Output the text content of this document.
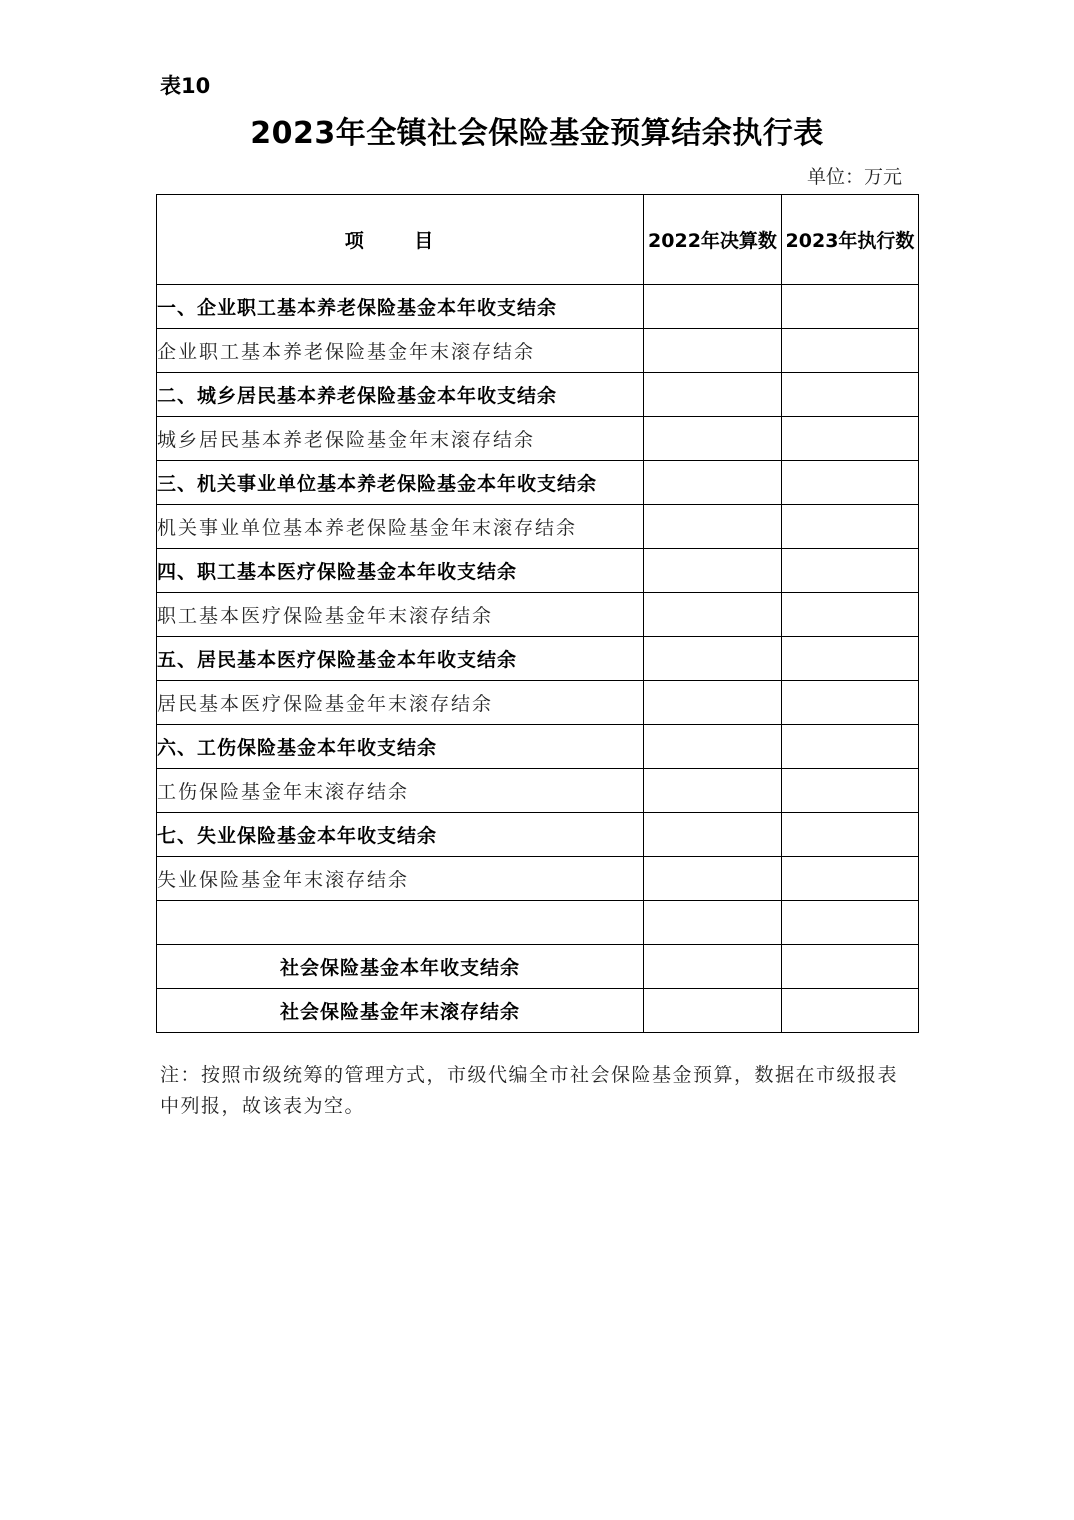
表10
2023年全镇社会保险基金预算结余执行表
单位：万元
项 目	2022年决算数	2023年执行数
一、企业职工基本养老保险基金本年收支结余		
企业职工基本养老保险基金年末滚存结余		
二、城乡居民基本养老保险基金本年收支结余		
城乡居民基本养老保险基金年末滚存结余		
三、机关事业单位基本养老保险基金本年收支结余		
机关事业单位基本养老保险基金年末滚存结余		
四、职工基本医疗保险基金本年收支结余		
职工基本医疗保险基金年末滚存结余		
五、居民基本医疗保险基金本年收支结余		
居民基本医疗保险基金年末滚存结余		
六、工伤保险基金本年收支结余		
工伤保险基金年末滚存结余		
七、失业保险基金本年收支结余		
失业保险基金年末滚存结余		

社会保险基金本年收支结余		
社会保险基金年末滚存结余		
注：按照市级统筹的管理方式，市级代编全市社会保险基金预算，数据在市级报表中列报，故该表为空。
